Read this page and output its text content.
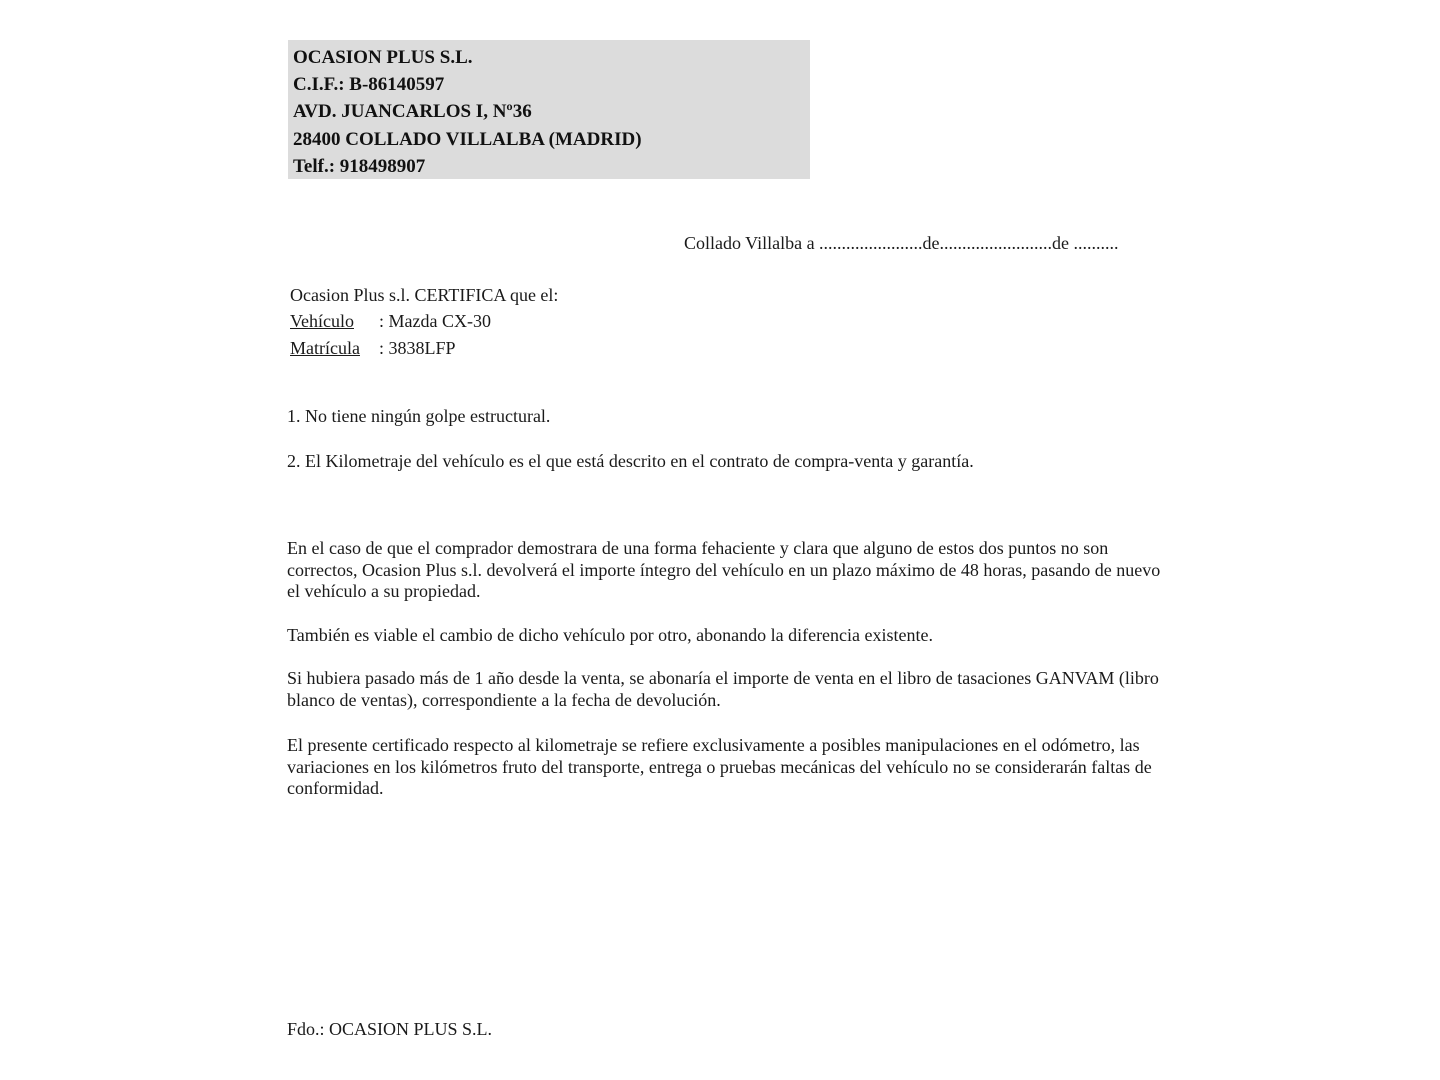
OCASION PLUS S.L.
C.I.F.: B-86140597
AVD. JUANCARLOS I, Nº36
28400 COLLADO VILLALBA (MADRID)
Telf.: 918498907
Collado Villalba a .......................de.........................de ..........
Ocasion Plus s.l. CERTIFICA que el:
Vehículo	: Mazda CX-30
Matrícula	: 3838LFP
1. No tiene ningún golpe estructural.
2. El Kilometraje del vehículo es el que está descrito en el contrato de compra-venta y garantía.
En el caso de que el comprador demostrara de una forma fehaciente y clara que alguno de estos dos puntos no son correctos, Ocasion Plus s.l. devolverá el importe íntegro del vehículo en un plazo máximo de 48 horas, pasando de nuevo el vehículo a su propiedad.
También es viable el cambio de dicho vehículo por otro, abonando la diferencia existente.
Si hubiera pasado más de 1 año desde la venta, se abonaría el importe de venta en el libro de tasaciones GANVAM (libro blanco de ventas), correspondiente a la fecha de devolución.
El presente certificado respecto al kilometraje se refiere exclusivamente a posibles manipulaciones en el odómetro, las variaciones en los kilómetros fruto del transporte, entrega o pruebas mecánicas del vehículo no se considerarán faltas de conformidad.
Fdo.: OCASION PLUS S.L.
